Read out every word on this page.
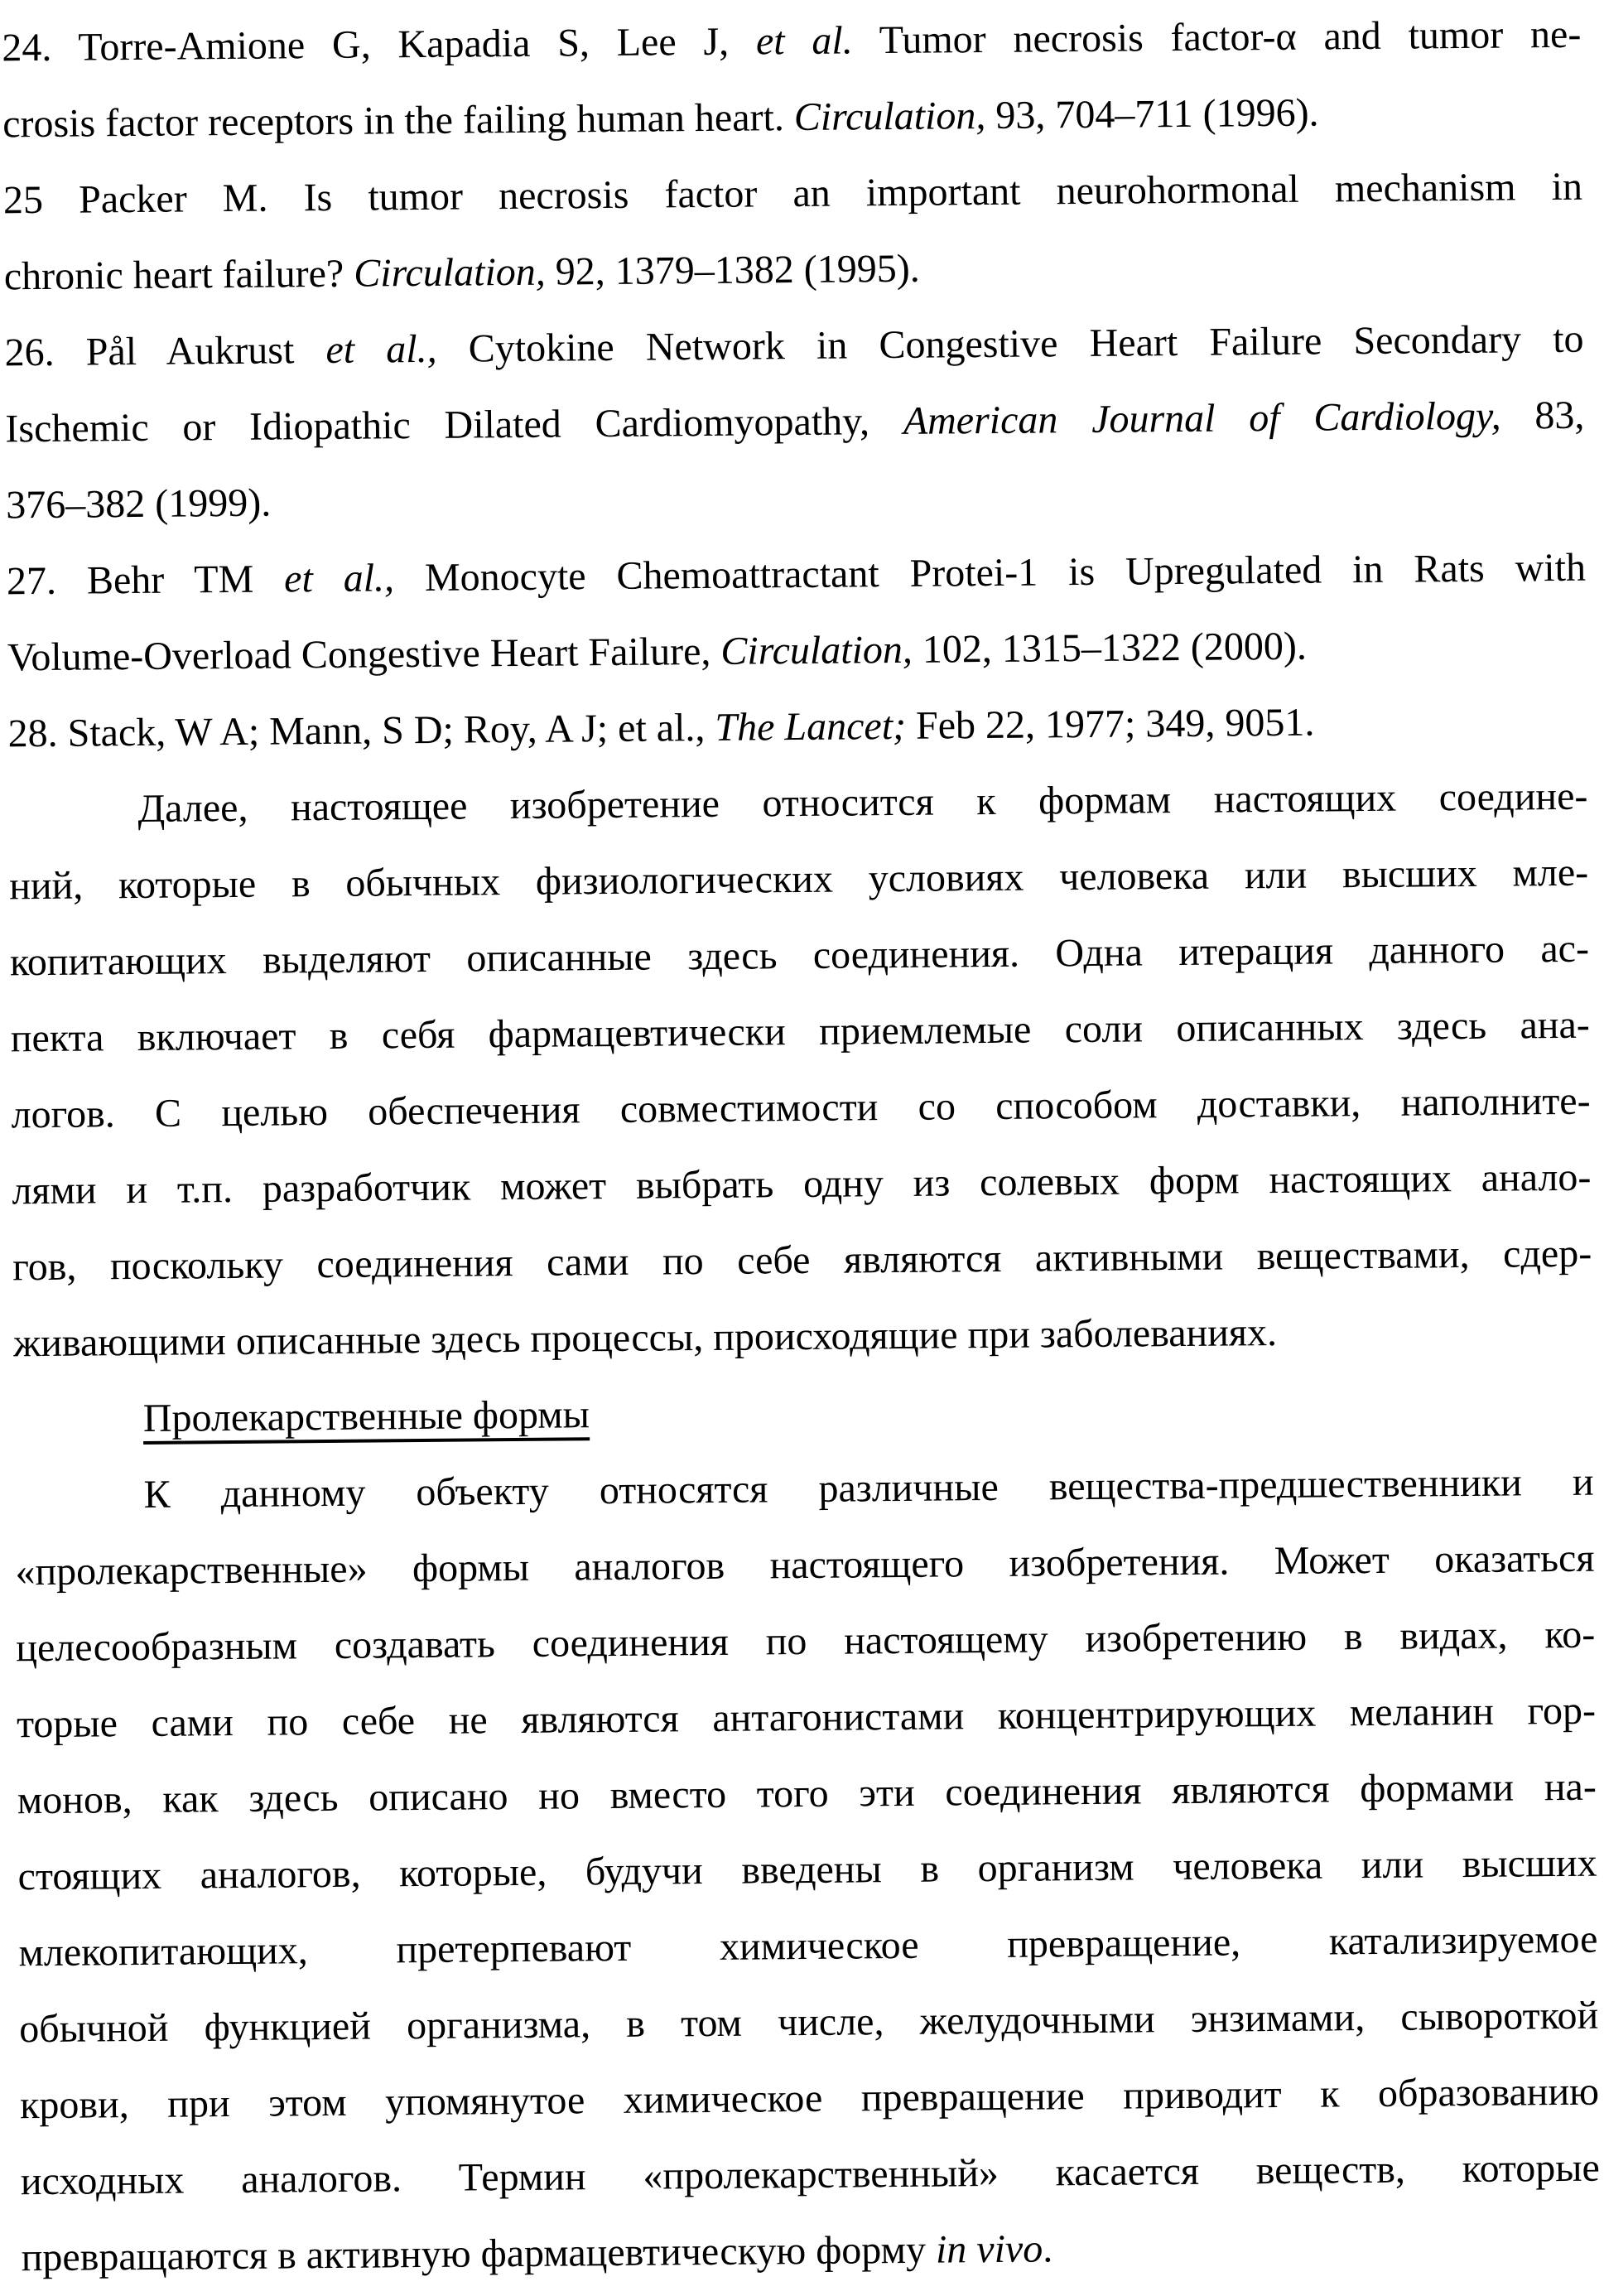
24. Torre-Amione G, Kapadia S, Lee J, et al. Tumor necrosis factor-α and tumor ne-
crosis factor receptors in the failing human heart. Circulation, 93, 704–711 (1996).
25 Packer M. Is tumor necrosis factor an important neurohormonal mechanism in
chronic heart failure? Circulation, 92, 1379–1382 (1995).
26. Pål Aukrust et al., Cytokine Network in Congestive Heart Failure Secondary to
Ischemic or Idiopathic Dilated Cardiomyopathy, American Journal of Cardiology, 83,
376–382 (1999).
27. Behr TM et al., Monocyte Chemoattractant Protei-1 is Upregulated in Rats with
Volume-Overload Congestive Heart Failure, Circulation, 102, 1315–1322 (2000).
28. Stack, W A; Mann, S D; Roy, A J; et al., The Lancet; Feb 22, 1977; 349, 9051.
Далее, настоящее изобретение относится к формам настоящих соедине-
ний, которые в обычных физиологических условиях человека или высших мле-
копитающих выделяют описанные здесь соединения. Одна итерация данного ас-
пекта включает в себя фармацевтически приемлемые соли описанных здесь ана-
логов. С целью обеспечения совместимости со способом доставки, наполните-
лями и т.п. разработчик может выбрать одну из солевых форм настоящих анало-
гов, поскольку соединения сами по себе являются активными веществами, сдер-
живающими описанные здесь процессы, происходящие при заболеваниях.
Пролекарственные формы
К данному объекту относятся различные вещества-предшественники и
«пролекарственные» формы аналогов настоящего изобретения. Может оказаться
целесообразным создавать соединения по настоящему изобретению в видах, ко-
торые сами по себе не являются антагонистами концентрирующих меланин гор-
монов, как здесь описано но вместо того эти соединения являются формами на-
стоящих аналогов, которые, будучи введены в организм человека или высших
млекопитающих, претерпевают химическое превращение, катализируемое
обычной функцией организма, в том числе, желудочными энзимами, сывороткой
крови, при этом упомянутое химическое превращение приводит к образованию
исходных аналогов. Термин «пролекарственный» касается веществ, которые
превращаются в активную фармацевтическую форму in vivo.
